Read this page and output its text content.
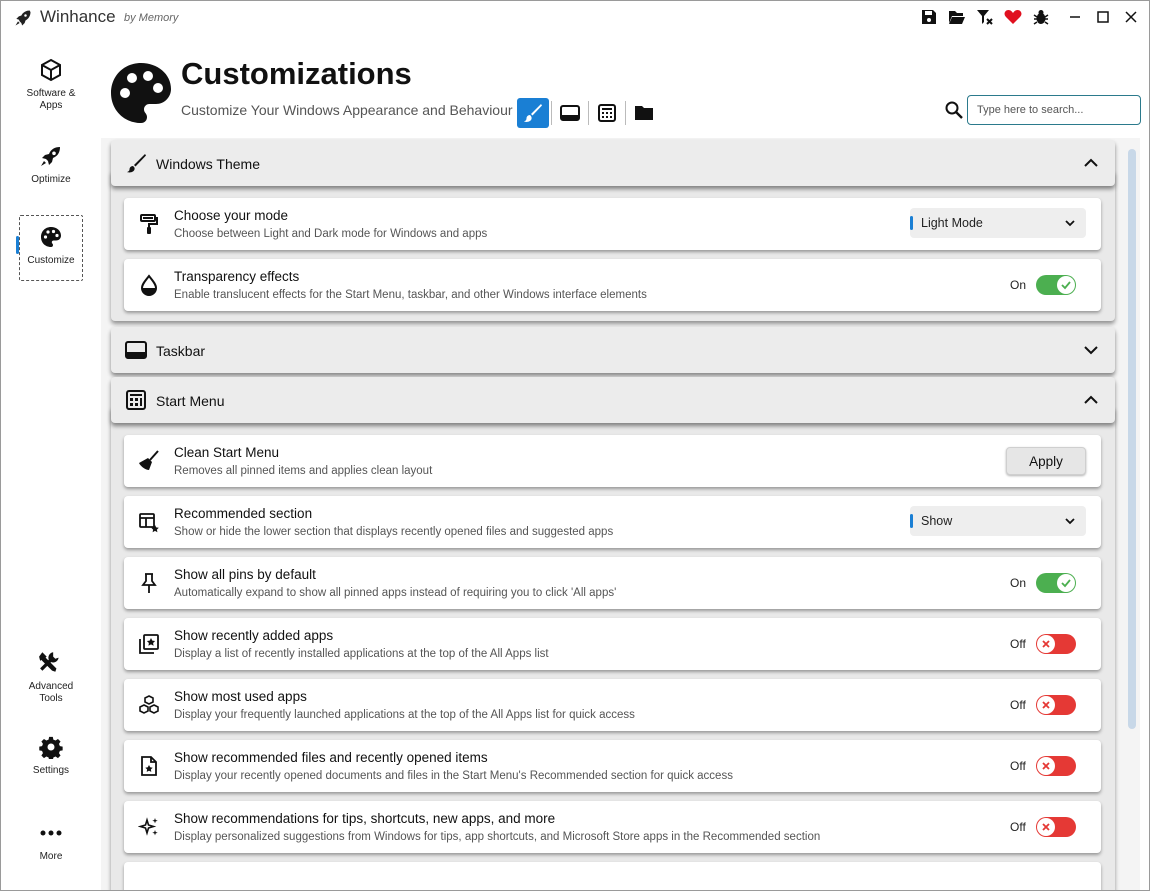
Winhance by Memory
Software & Apps
Optimize
Customize
Advanced Tools
Settings
More
Customizations
Customize Your Windows Appearance and Behaviour
Type here to search...
Windows Theme
Choose your mode
Choose between Light and Dark mode for Windows and apps
Light Mode
Transparency effects
Enable translucent effects for the Start Menu, taskbar, and other Windows interface elements
On
Taskbar
Start Menu
Clean Start Menu
Removes all pinned items and applies clean layout
Apply
Recommended section
Show or hide the lower section that displays recently opened files and suggested apps
Show
Show all pins by default
Automatically expand to show all pinned apps instead of requiring you to click 'All apps'
On
Show recently added apps
Display a list of recently installed applications at the top of the All Apps list
Off
Show most used apps
Display your frequently launched applications at the top of the All Apps list for quick access
Off
Show recommended files and recently opened items
Display your recently opened documents and files in the Start Menu's Recommended section for quick access
Off
Show recommendations for tips, shortcuts, new apps, and more
Display personalized suggestions from Windows for tips, app shortcuts, and Microsoft Store apps in the Recommended section
Off
